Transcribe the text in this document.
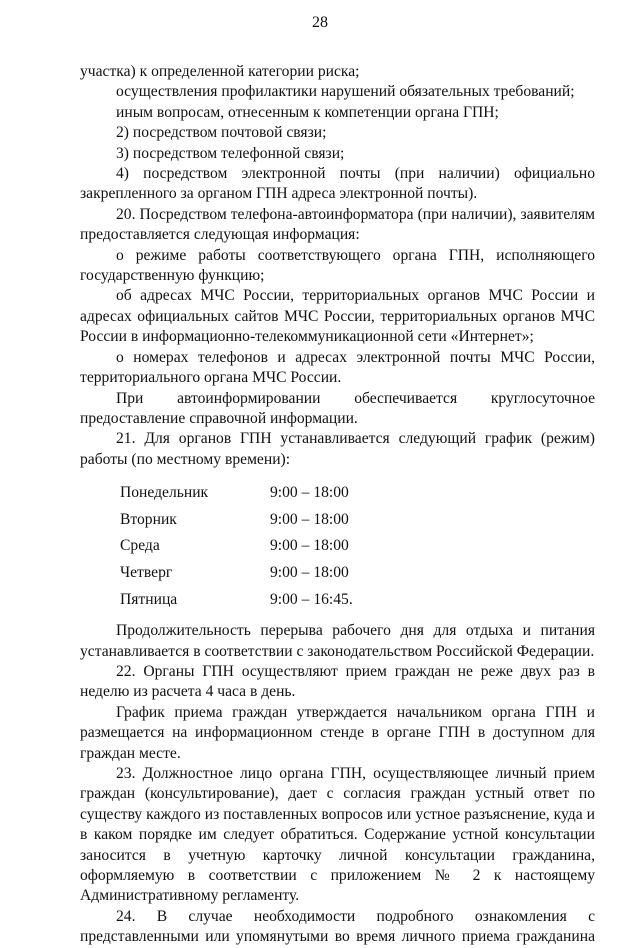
28

участка) к определенной категории риска;

осуществления профилактики нарушений обязательных требований;

иным вопросам, отнесенным к компетенции органа ГПН;

2) посредством почтовой связи;

3) посредством телефонной связи;

4) посредством электронной почты (при наличии) официально закрепленного за органом ГПН адреса электронной почты).

20. Посредством телефона-автоинформатора (при наличии), заявителям предоставляется следующая информация:

о режиме работы соответствующего органа ГПН, исполняющего государственную функцию;

об адресах МЧС России, территориальных органов МЧС России и адресах официальных сайтов МЧС России, территориальных органов МЧС России в информационно-телекоммуникационной сети «Интернет»;

о номерах телефонов и адресах электронной почты МЧС России, территориального органа МЧС России.

При автоинформировании обеспечивается круглосуточное предоставление справочной информации.

21. Для органов ГПН устанавливается следующий график (режим) работы (по местному времени):

Понедельник	9:00 – 18:00
Вторник	9:00 – 18:00
Среда	9:00 – 18:00
Четверг	9:00 – 18:00
Пятница	9:00 – 16:45.

Продолжительность перерыва рабочего дня для отдыха и питания устанавливается в соответствии с законодательством Российской Федерации.

22. Органы ГПН осуществляют прием граждан не реже двух раз в неделю из расчета 4 часа в день.

График приема граждан утверждается начальником органа ГПН и размещается на информационном стенде в органе ГПН в доступном для граждан месте.

23. Должностное лицо органа ГПН, осуществляющее личный прием граждан (консультирование), дает с согласия граждан устный ответ по существу каждого из поставленных вопросов или устное разъяснение, куда и в каком порядке им следует обратиться. Содержание устной консультации заносится в учетную карточку личной консультации гражданина, оформляемую в соответствии с приложением № 2 к настоящему Административному регламенту.

24. В случае необходимости подробного ознакомления с представленными или упомянутыми во время личного приема гражданина
